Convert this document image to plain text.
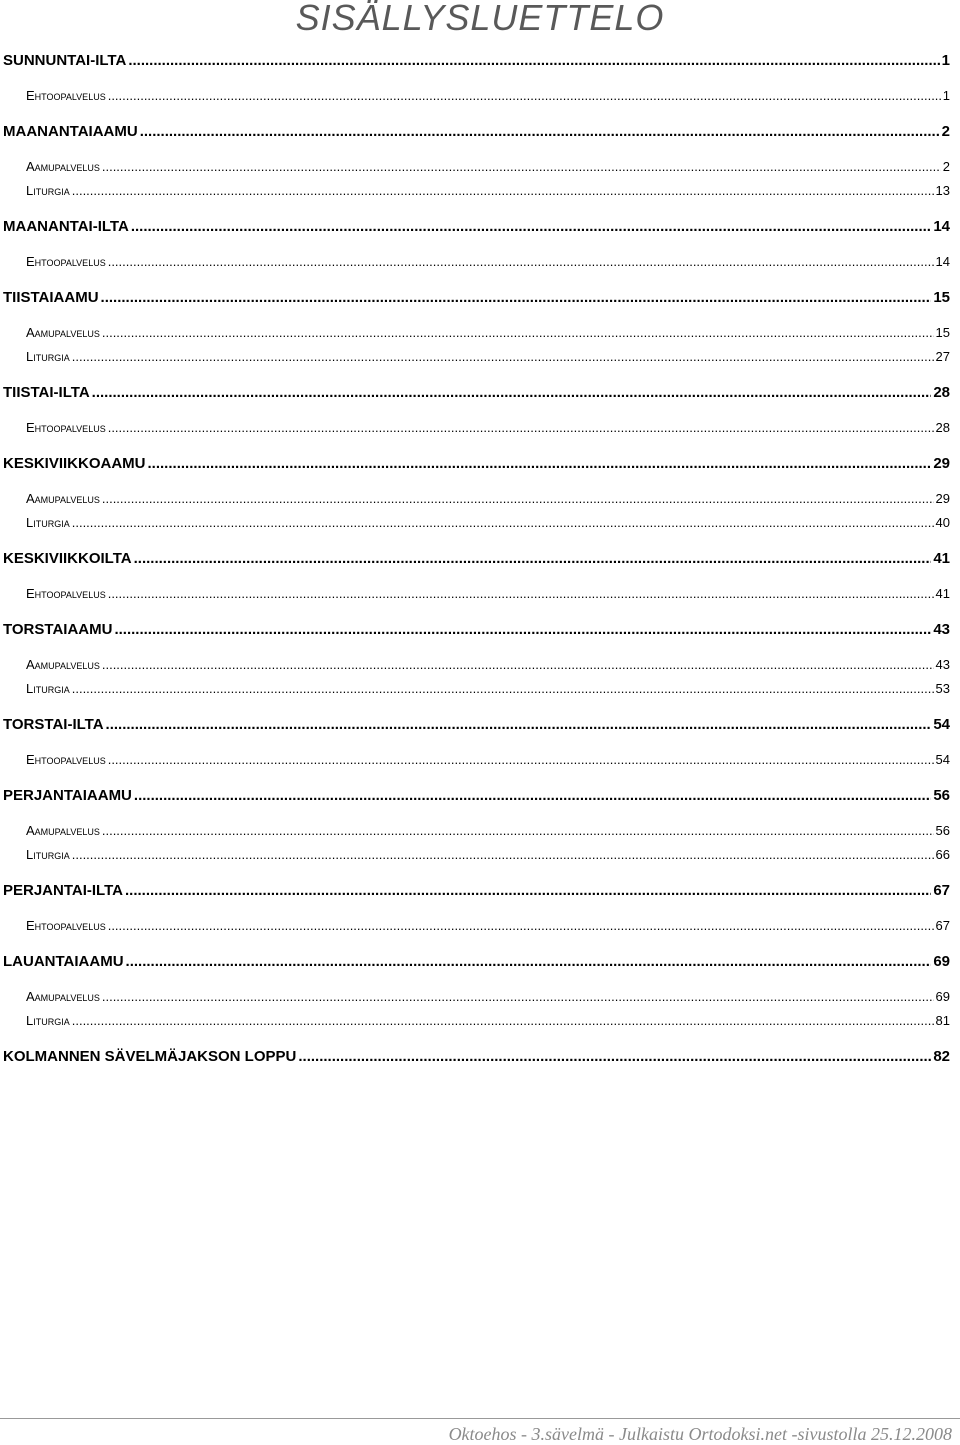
SISÄLLYSLUETTELO
SUNNUNTAI-ILTA .....	1
Ehtoopalvelus .....	1
MAANANTAIAAMU .....	2
Aamupalvelus .....	2
Liturgia .....	13
MAANANTAI-ILTA .....	14
Ehtoopalvelus .....	14
TIISTAIAAMU .....	15
Aamupalvelus .....	15
Liturgia .....	27
TIISTAI-ILTA .....	28
Ehtoopalvelus .....	28
KESKIVIIKKOAAMU .....	29
Aamupalvelus .....	29
Liturgia .....	40
KESKIVIIKKOILTA .....	41
Ehtoopalvelus .....	41
TORSTAIAAMU .....	43
Aamupalvelus .....	43
Liturgia .....	53
TORSTAI-ILTA .....	54
Ehtoopalvelus .....	54
PERJANTAIAAMU .....	56
Aamupalvelus .....	56
Liturgia .....	66
PERJANTAI-ILTA .....	67
Ehtoopalvelus .....	67
LAUANTAIAAMU .....	69
Aamupalvelus .....	69
Liturgia .....	81
KOLMANNEN SÄVELMÄJAKSON LOPPU .....	82
Oktoehos - 3.sävelmä - Julkaistu Ortodoksi.net -sivustolla 25.12.2008
